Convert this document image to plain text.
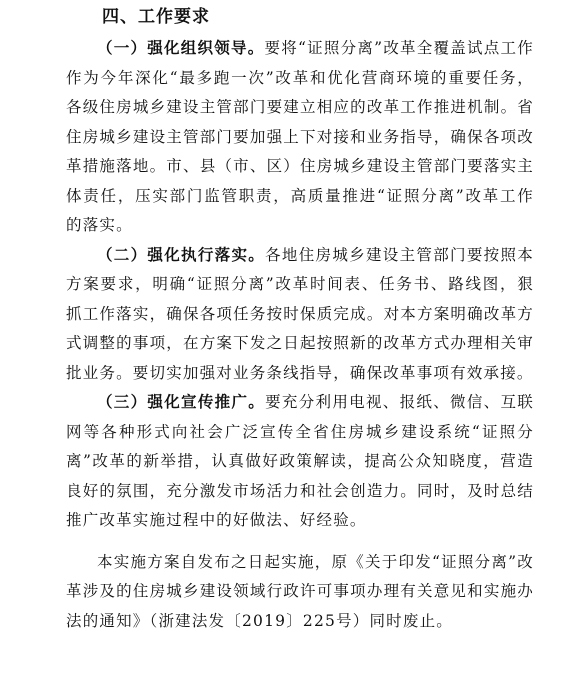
四、工作要求

（一）强化组织领导。要将“证照分离”改革全覆盖试点工作作为今年深化“最多跑一次”改革和优化营商环境的重要任务，各级住房城乡建设主管部门要建立相应的改革工作推进机制。省住房城乡建设主管部门要加强上下对接和业务指导，确保各项改革措施落地。市、县（市、区）住房城乡建设主管部门要落实主体责任，压实部门监管职责，高质量推进“证照分离”改革工作的落实。

（二）强化执行落实。各地住房城乡建设主管部门要按照本方案要求，明确“证照分离”改革时间表、任务书、路线图，狠抓工作落实，确保各项任务按时保质完成。对本方案明确改革方式调整的事项，在方案下发之日起按照新的改革方式办理相关审批业务。要切实加强对业务条线指导，确保改革事项有效承接。

（三）强化宣传推广。要充分利用电视、报纸、微信、互联网等各种形式向社会广泛宣传全省住房城乡建设系统“证照分离”改革的新举措，认真做好政策解读，提高公众知晓度，营造良好的氛围，充分激发市场活力和社会创造力。同时，及时总结推广改革实施过程中的好做法、好经验。

本实施方案自发布之日起实施，原《关于印发“证照分离”改革涉及的住房城乡建设领域行政许可事项办理有关意见和实施办法的通知》（浙建法发〔2019〕225号）同时废止。
